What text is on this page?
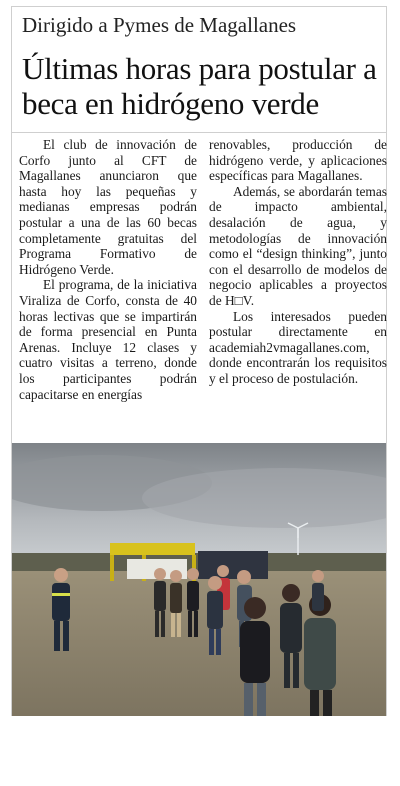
Dirigido a Pymes de Magallanes
Últimas horas para postular a beca en hidrógeno verde

El club de innovación de Corfo junto al CFT de Magallanes anunciaron que hasta hoy las pequeñas y medianas empresas podrán postular a una de las 60 becas completamente gratuitas del Programa Formativo de Hidrógeno Verde.

El programa, de la iniciativa Viraliza de Corfo, consta de 40 horas lectivas que se impartirán de forma presencial en Punta Arenas. Incluye 12 clases y cuatro visitas a terreno, donde los participantes podrán capacitarse en energías

renovables, producción de hidrógeno verde, y aplicaciones específicas para Magallanes.

Además, se abordarán temas de impacto ambiental, desalación de agua, y metodologías de innovación como el “design thinking”, junto con el desarrollo de modelos de negocio aplicables a proyectos de H□V.

Los interesados pueden postular directamente en academiah2vmagallanes.com, donde encontrarán los requisitos y el proceso de postulación.
